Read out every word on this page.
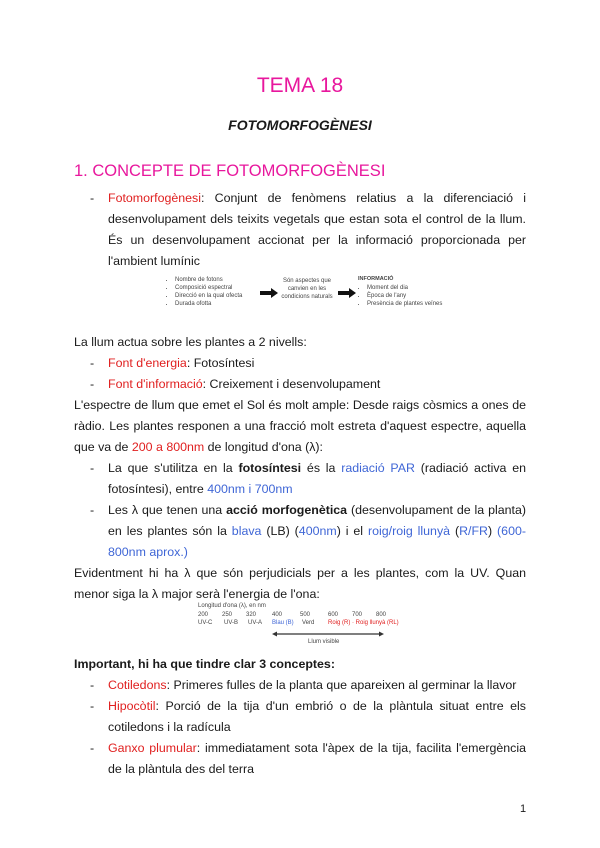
TEMA 18
FOTOMORFOGÈNESI
1. CONCEPTE DE FOTOMORFOGÈNESI
- Fotomorfogènesi: Conjunt de fenòmens relatius a la diferenciació i desenvolupament dels teixits vegetals que estan sota el control de la llum. És un desenvolupament accionat per la informació proporcionada per l'ambient lumínic
• Nombre de fotons
• Composició espectral
• Direcció en la qual ofecta
• Durada ofotta
Són aspectes que canvien en les condicions naturals
INFORMACIÓ
• Moment del dia
• Època de l'any
• Presència de plantes veïnes
La llum actua sobre les plantes a 2 nivells:
- Font d'energia: Fotosíntesi
- Font d'informació: Creixement i desenvolupament
L'espectre de llum que emet el Sol és molt ample: Desde raigs còsmics a ones de ràdio. Les plantes responen a una fracció molt estreta d'aquest espectre, aquella que va de 200 a 800nm de longitud d'ona (λ):
- La que s'utilitza en la fotosíntesi és la radiació PAR (radiació activa en fotosíntesi), entre 400nm i 700nm
- Les λ que tenen una acció morfogenètica (desenvolupament de la planta) en les plantes són la blava (LB) (400nm) i el roig/roig llunyà (R/FR) (600-800nm aprox.)
Evidentment hi ha λ que són perjudicials per a les plantes, com la UV. Quan menor siga la λ major serà l'energia de l'ona:
Longitud d'ona (λ), en nm
200 250 320	400	500	600 700 800
UV-C UV-B UV-A Blau (B) Verd Roig (R) · Roig llunyà (RL)
Llum visible
Important, hi ha que tindre clar 3 conceptes:
- Cotiledons: Primeres fulles de la planta que apareixen al germinar la llavor
- Hipocòtil: Porció de la tija d'un embrió o de la plàntula situat entre els cotiledons i la radícula
- Ganxo plumular: immediatament sota l'àpex de la tija, facilita l'emergència de la plàntula des del terra
1
